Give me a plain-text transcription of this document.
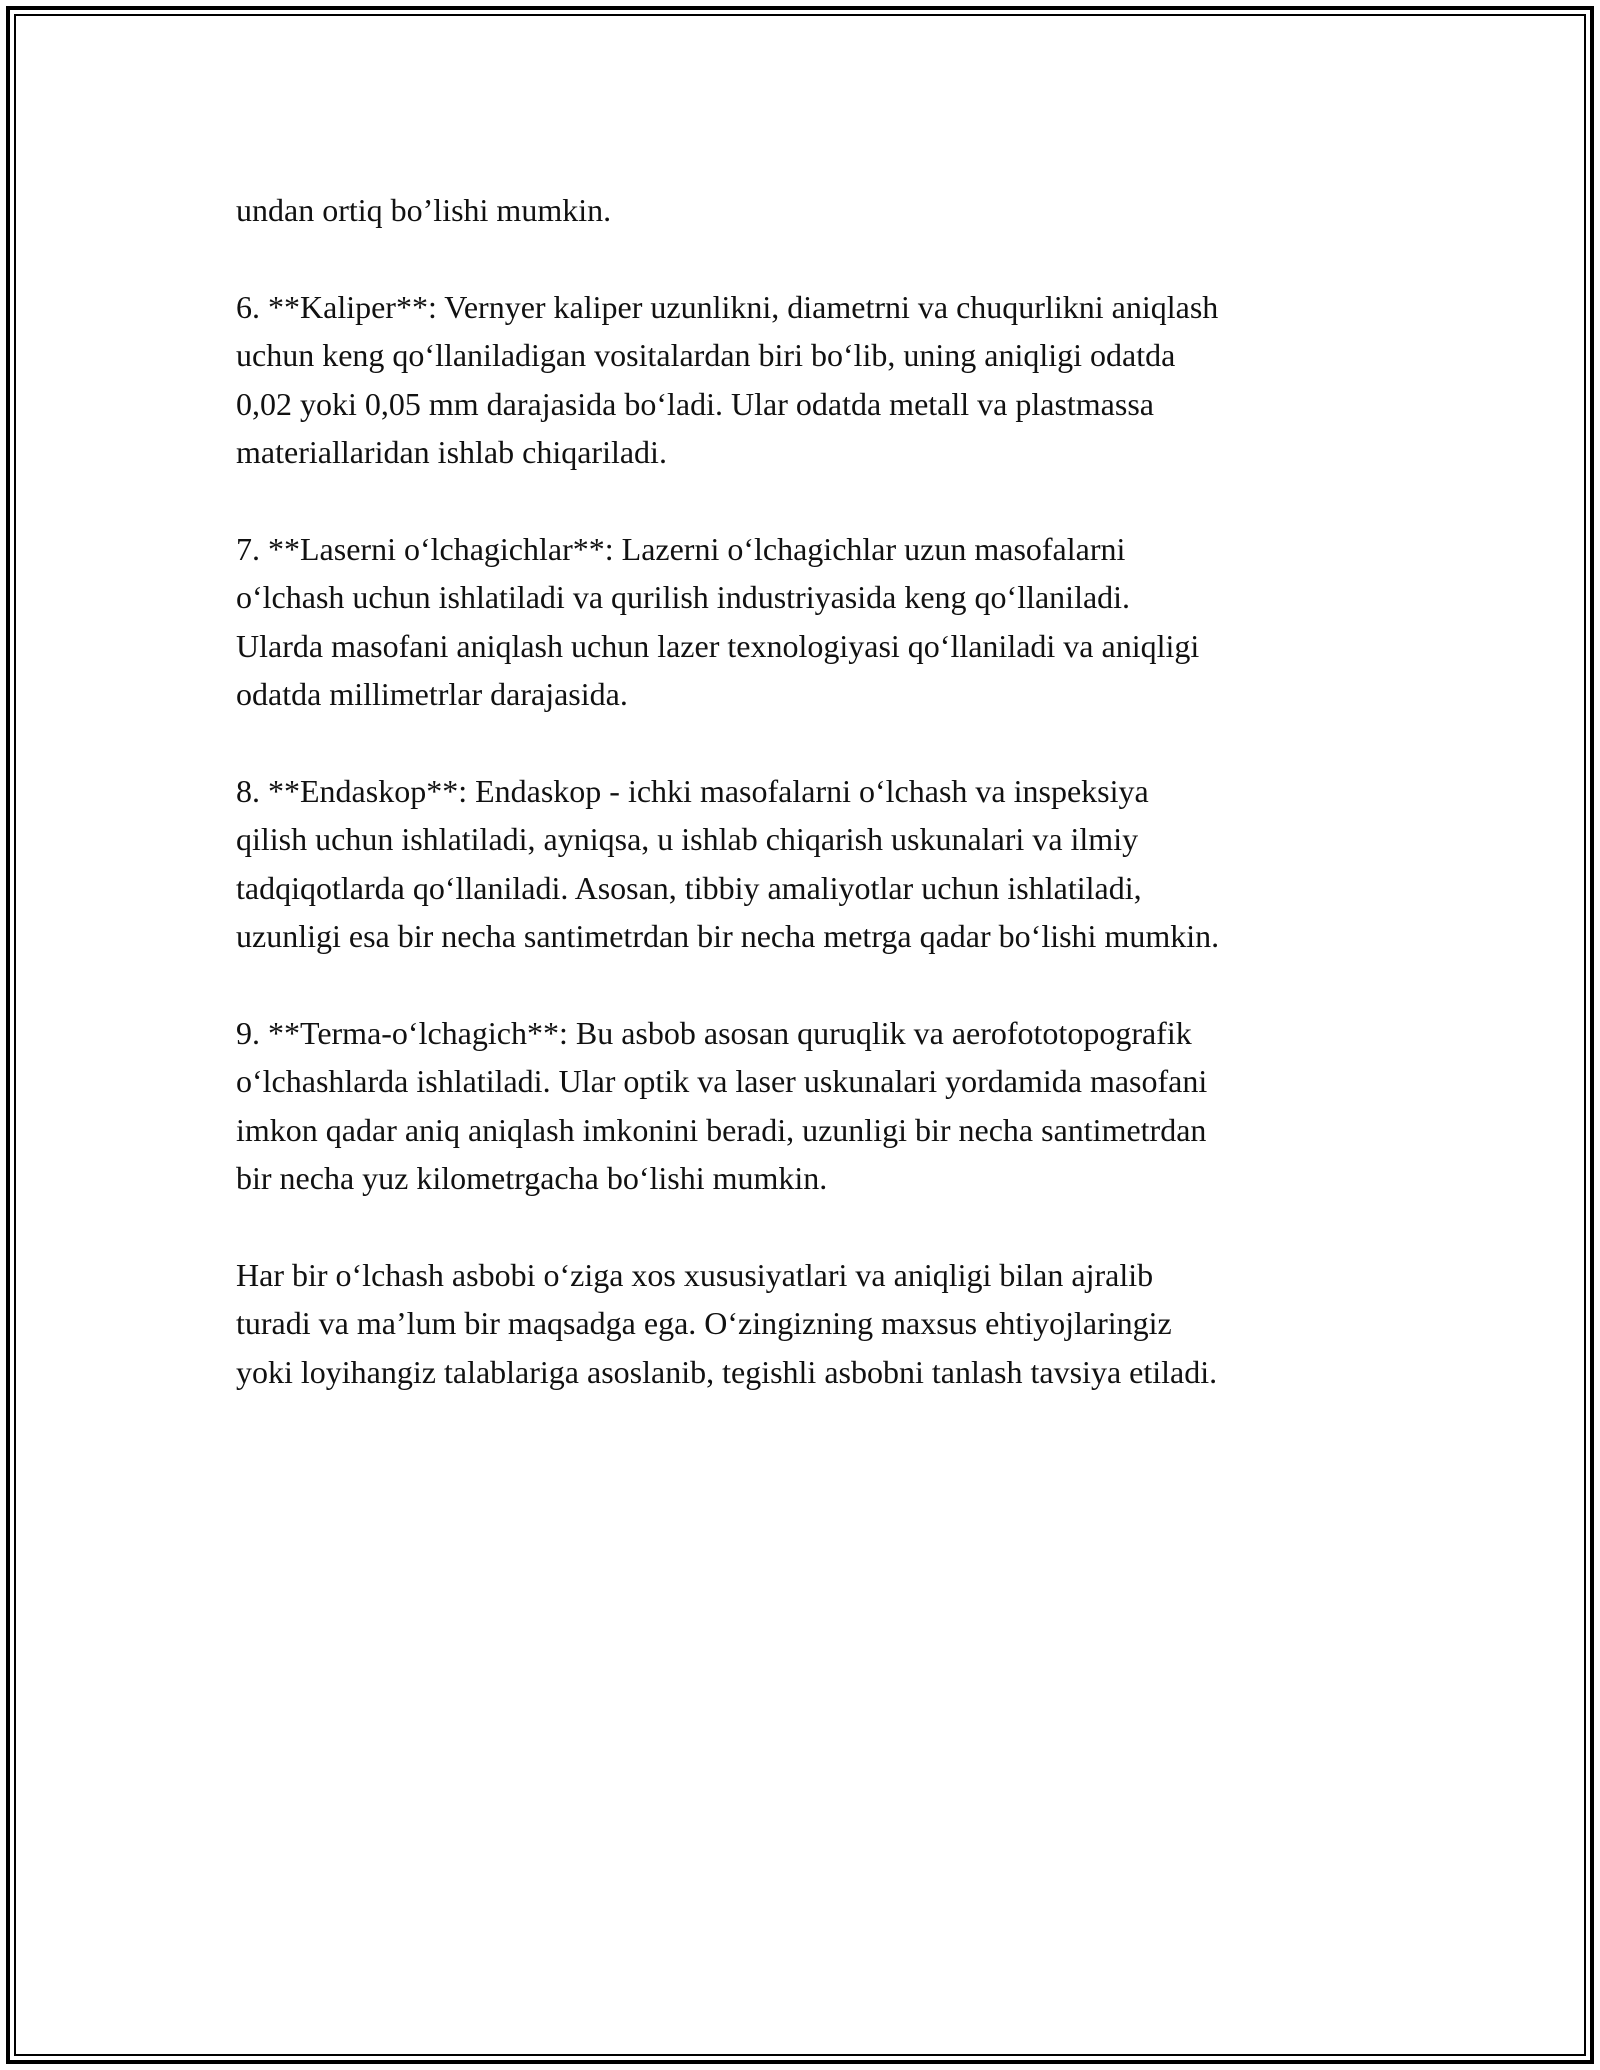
undan ortiq bo’lishi mumkin.

6. **Kaliper**: Vernyer kaliper uzunlikni, diametrni va chuqurlikni aniqlash
uchun keng qo‘llaniladigan vositalardan biri bo‘lib, uning aniqligi odatda
0,02 yoki 0,05 mm darajasida bo‘ladi. Ular odatda metall va plastmassa
materiallaridan ishlab chiqariladi.

7. **Laserni o‘lchagichlar**: Lazerni o‘lchagichlar uzun masofalarni
o‘lchash uchun ishlatiladi va qurilish industriyasida keng qo‘llaniladi.
Ularda masofani aniqlash uchun lazer texnologiyasi qo‘llaniladi va aniqligi
odatda millimetrlar darajasida.

8. **Endaskop**: Endaskop - ichki masofalarni o‘lchash va inspeksiya
qilish uchun ishlatiladi, ayniqsa, u ishlab chiqarish uskunalari va ilmiy
tadqiqotlarda qo‘llaniladi. Asosan, tibbiy amaliyotlar uchun ishlatiladi,
uzunligi esa bir necha santimetrdan bir necha metrga qadar bo‘lishi mumkin.

9. **Terma-o‘lchagich**: Bu asbob asosan quruqlik va aerofototopografik
o‘lchashlarda ishlatiladi. Ular optik va laser uskunalari yordamida masofani
imkon qadar aniq aniqlash imkonini beradi, uzunligi bir necha santimetrdan
bir necha yuz kilometrgacha bo‘lishi mumkin.

Har bir o‘lchash asbobi o‘ziga xos xususiyatlari va aniqligi bilan ajralib
turadi va ma’lum bir maqsadga ega. O‘zingizning maxsus ehtiyojlaringiz
yoki loyihangiz talablariga asoslanib, tegishli asbobni tanlash tavsiya etiladi.
